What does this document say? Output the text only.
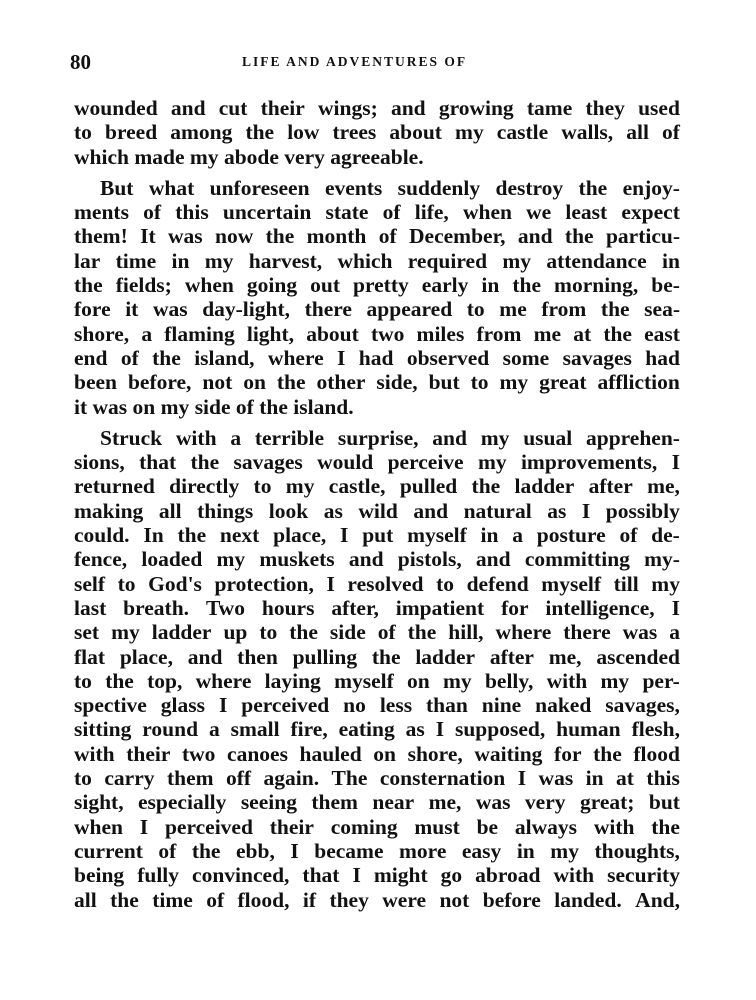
80	LIFE AND ADVENTURES OF
wounded and cut their wings; and growing tame they used
to breed among the low trees about my castle walls, all of
which made my abode very agreeable.
But what unforeseen events suddenly destroy the enjoy-
ments of this uncertain state of life, when we least expect
them! It was now the month of December, and the particu-
lar time in my harvest, which required my attendance in
the fields; when going out pretty early in the morning, be-
fore it was day-light, there appeared to me from the sea-
shore, a flaming light, about two miles from me at the east
end of the island, where I had observed some savages had
been before, not on the other side, but to my great affliction
it was on my side of the island.
Struck with a terrible surprise, and my usual apprehen-
sions, that the savages would perceive my improvements, I
returned directly to my castle, pulled the ladder after me,
making all things look as wild and natural as I possibly
could. In the next place, I put myself in a posture of de-
fence, loaded my muskets and pistols, and committing my-
self to God's protection, I resolved to defend myself till my
last breath. Two hours after, impatient for intelligence, I
set my ladder up to the side of the hill, where there was a
flat place, and then pulling the ladder after me, ascended
to the top, where laying myself on my belly, with my per-
spective glass I perceived no less than nine naked savages,
sitting round a small fire, eating as I supposed, human flesh,
with their two canoes hauled on shore, waiting for the flood
to carry them off again. The consternation I was in at this
sight, especially seeing them near me, was very great; but
when I perceived their coming must be always with the
current of the ebb, I became more easy in my thoughts,
being fully convinced, that I might go abroad with security
all the time of flood, if they were not before landed. And,
